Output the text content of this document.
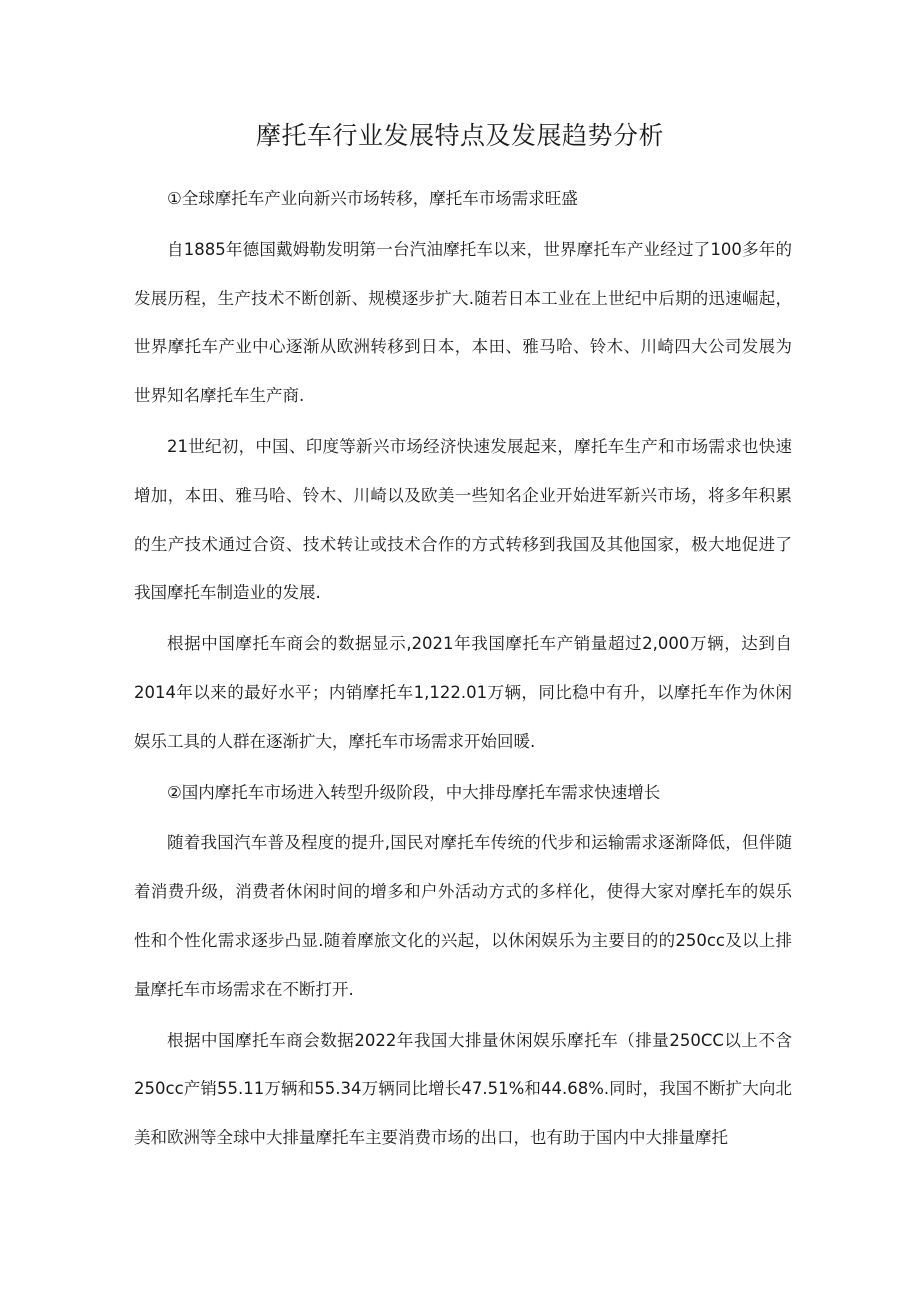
摩托车行业发展特点及发展趋势分析

①全球摩托车产业向新兴市场转移，摩托车市场需求旺盛

自1885年德国戴姆勒发明第一台汽油摩托车以来，世界摩托车产业经过了100多年的发展历程，生产技术不断创新、规模逐步扩大.随若日本工业在上世纪中后期的迅速崛起，世界摩托车产业中心逐渐从欧洲转移到日本，本田、雅马哈、铃木、川崎四大公司发展为世界知名摩托车生产商.

21世纪初，中国、印度等新兴市场经济快速发展起来，摩托车生产和市场需求也快速增加，本田、雅马哈、铃木、川崎以及欧美一些知名企业开始进军新兴市场，将多年积累的生产技术通过合资、技术转让或技术合作的方式转移到我国及其他国家，极大地促进了我国摩托车制造业的发展.

根据中国摩托车商会的数据显示,2021年我国摩托车产销量超过2,000万辆，达到自2014年以来的最好水平；内销摩托车1,122.01万辆，同比稳中有升，以摩托车作为休闲娱乐工具的人群在逐渐扩大，摩托车市场需求开始回暖.

②国内摩托车市场进入转型升级阶段，中大排母摩托车需求快速增长

随着我国汽车普及程度的提升,国民对摩托车传统的代步和运输需求逐渐降低，但伴随着消费升级，消费者休闲时间的增多和户外活动方式的多样化，使得大家对摩托车的娱乐性和个性化需求逐步凸显.随着摩旅文化的兴起，以休闲娱乐为主要目的的250cc及以上排量摩托车市场需求在不断打开.

根据中国摩托车商会数据2022年我国大排量休闲娱乐摩托车（排量250CC以上不含250cc产销55.11万辆和55.34万辆同比增长47.51%和44.68%.同时，我国不断扩大向北美和欧洲等全球中大排量摩托车主要消费市场的出口，也有助于国内中大排量摩托
